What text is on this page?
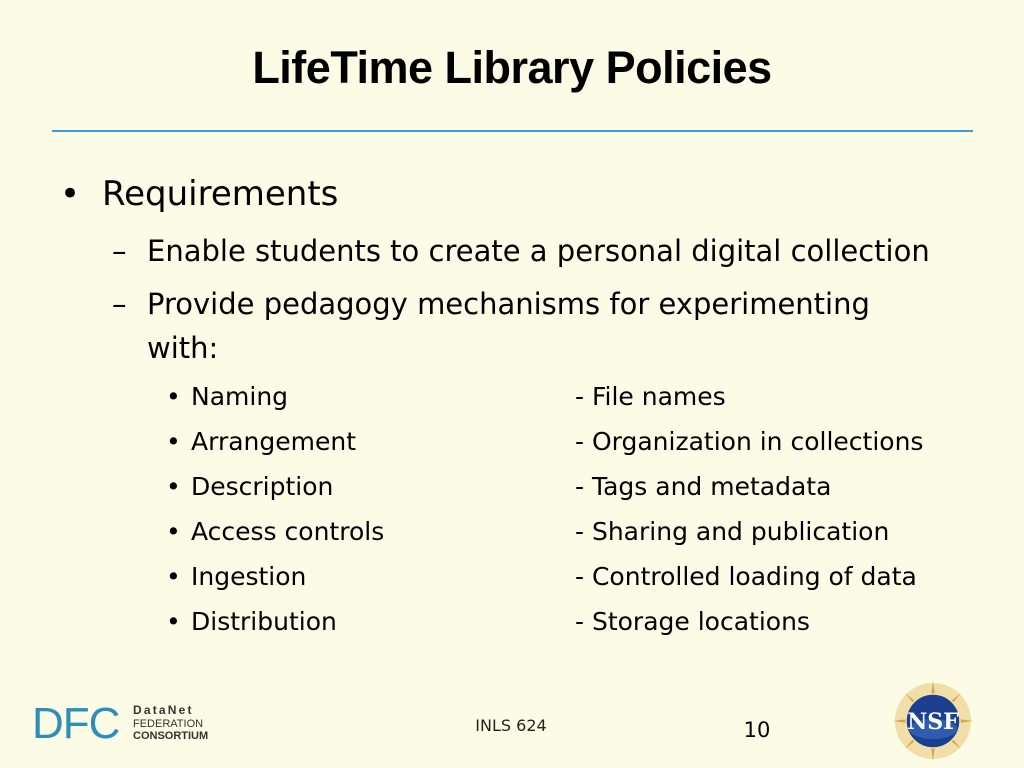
LifeTime Library Policies
• Requirements
– Enable students to create a personal digital collection
– Provide pedagogy mechanisms for experimenting with:
• Naming	- File names
• Arrangement	- Organization in collections
• Description	- Tags and metadata
• Access controls	- Sharing and publication
• Ingestion	- Controlled loading of data
• Distribution	- Storage locations
DFC DataNet
FEDERATION
CONSORTIUM
INLS 624	10	NSF
